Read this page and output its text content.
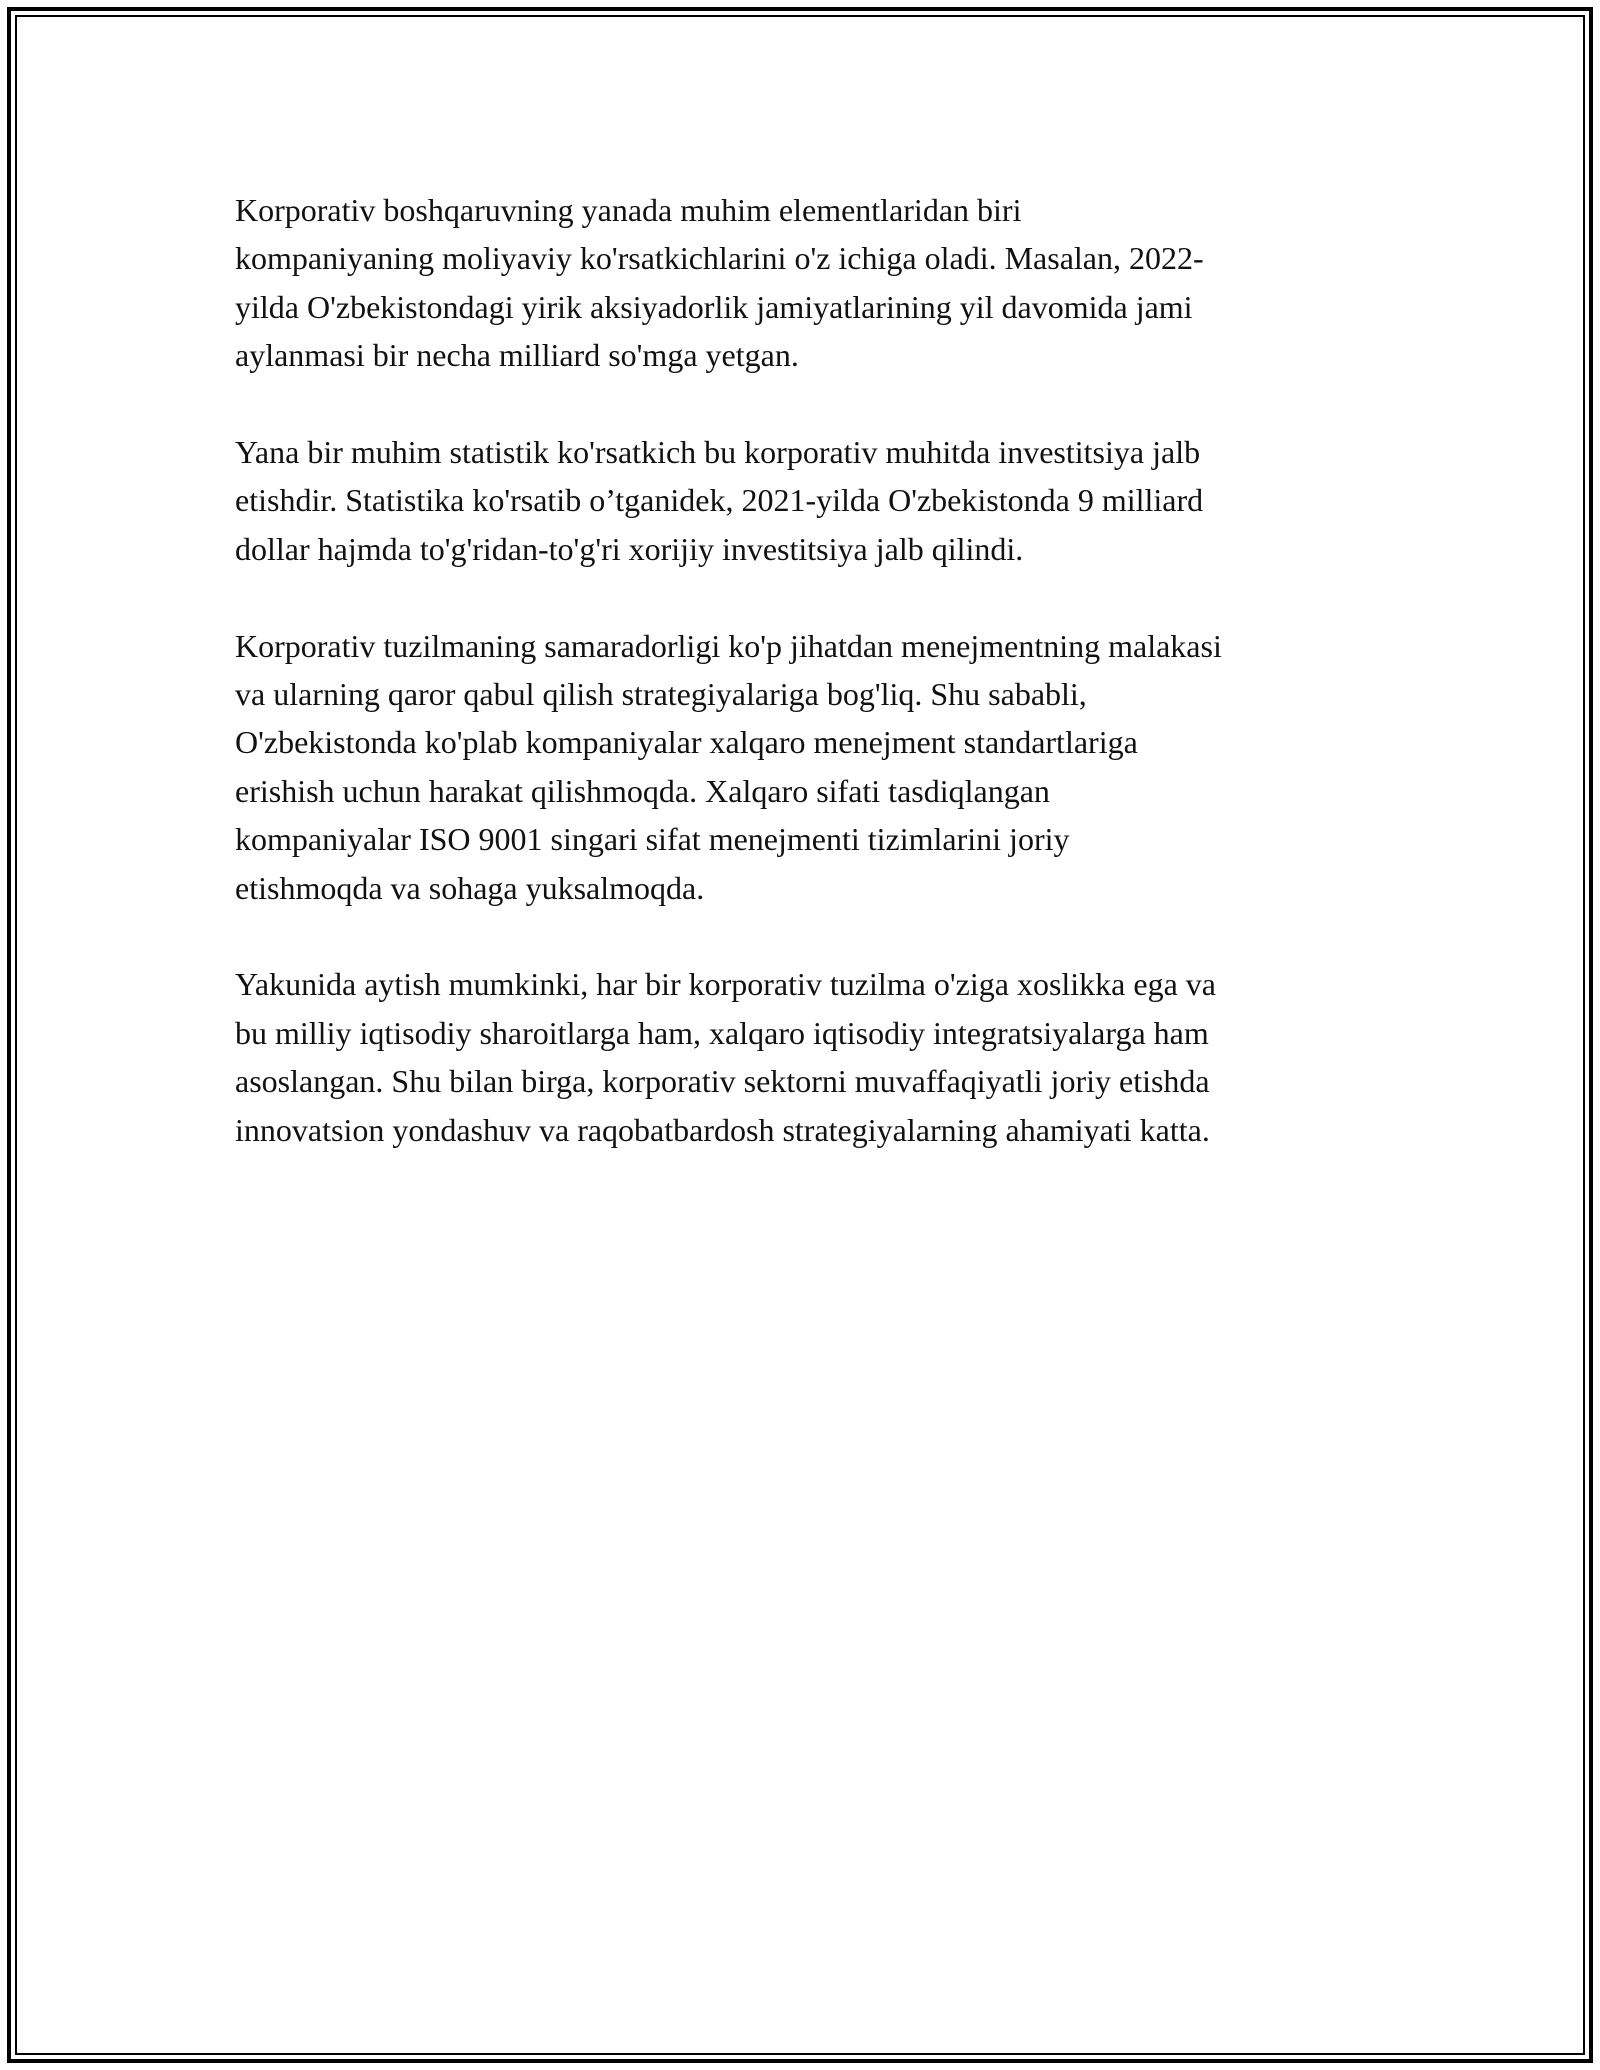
Korporativ boshqaruvning yanada muhim elementlaridan biri
kompaniyaning moliyaviy ko'rsatkichlarini o'z ichiga oladi. Masalan, 2022-
yilda O'zbekistondagi yirik aksiyadorlik jamiyatlarining yil davomida jami
aylanmasi bir necha milliard so'mga yetgan.

Yana bir muhim statistik ko'rsatkich bu korporativ muhitda investitsiya jalb
etishdir. Statistika ko'rsatib o’tganidek, 2021-yilda O'zbekistonda 9 milliard
dollar hajmda to'g'ridan-to'g'ri xorijiy investitsiya jalb qilindi.

Korporativ tuzilmaning samaradorligi ko'p jihatdan menejmentning malakasi
va ularning qaror qabul qilish strategiyalariga bog'liq. Shu sababli,
O'zbekistonda ko'plab kompaniyalar xalqaro menejment standartlariga
erishish uchun harakat qilishmoqda. Xalqaro sifati tasdiqlangan
kompaniyalar ISO 9001 singari sifat menejmenti tizimlarini joriy
etishmoqda va sohaga yuksalmoqda.

Yakunida aytish mumkinki, har bir korporativ tuzilma o'ziga xoslikka ega va
bu milliy iqtisodiy sharoitlarga ham, xalqaro iqtisodiy integratsiyalarga ham
asoslangan. Shu bilan birga, korporativ sektorni muvaffaqiyatli joriy etishda
innovatsion yondashuv va raqobatbardosh strategiyalarning ahamiyati katta.
